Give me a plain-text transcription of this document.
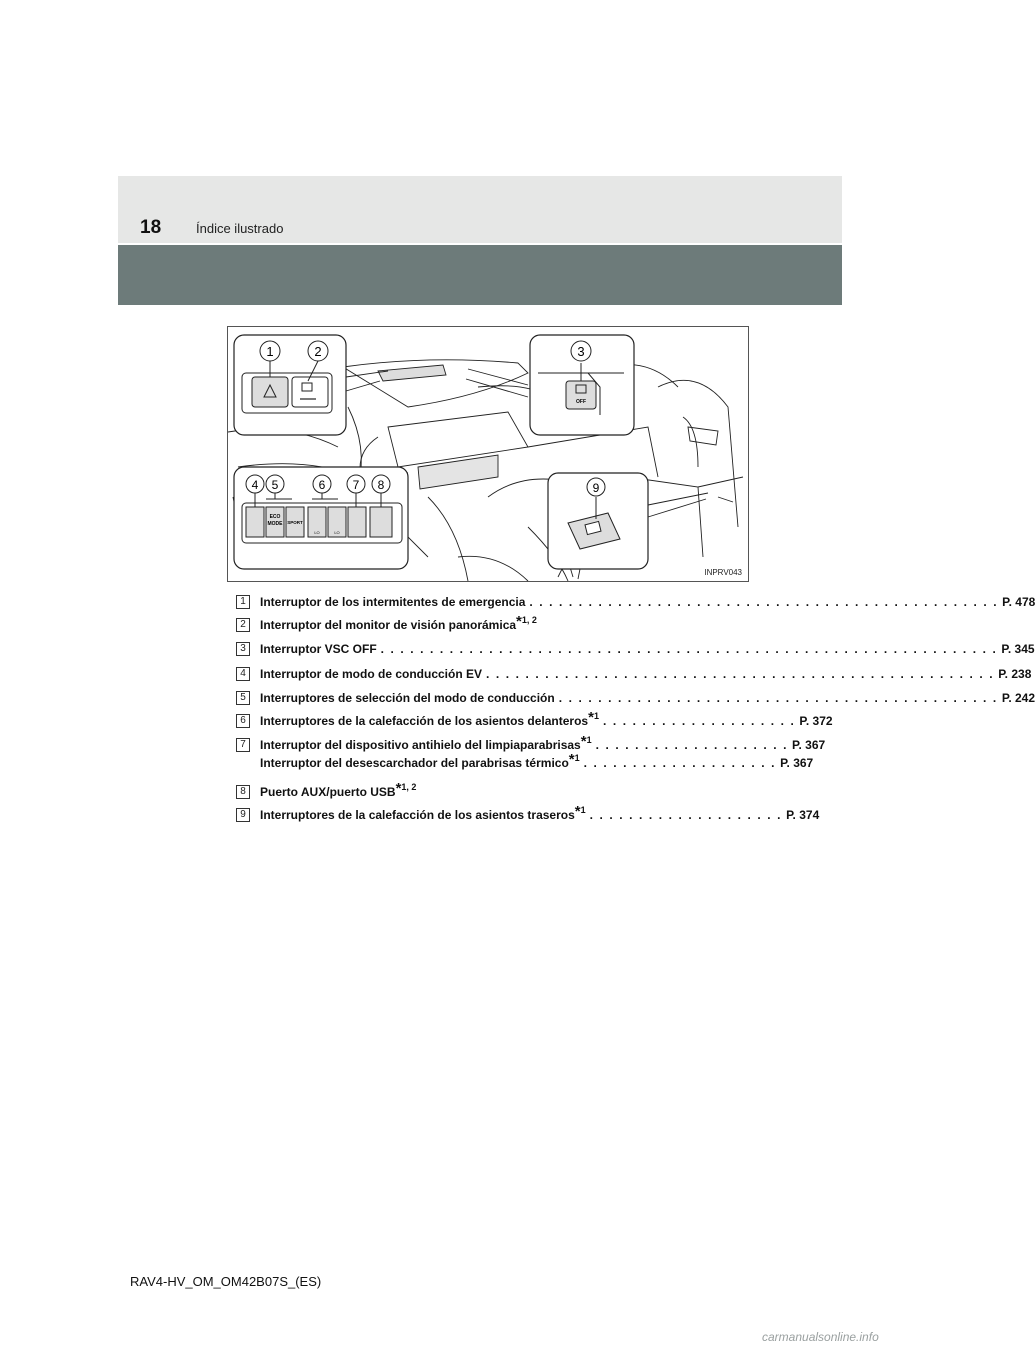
18	Índice ilustrado
1	2
OFF
3
ECO
MODE SPORT
LO	LO
4 5	6 7 8	9
INPRV043
1	Interruptor de los intermitentes de emergencia . . . . . . . . . . . . . . . . . . . . . . . . . . . . . . . . . . . . . . . . . . . . . . . . P. 478
2	Interruptor del monitor de visión panorámica$^{*1, 2}$
3	Interruptor VSC OFF . . . . . . . . . . . . . . . . . . . . . . . . . . . . . . . . . . . . . . . . . . . . . . . . . . . . . . . . . . . . . . . P. 345
4	Interruptor de modo de conducción EV . . . . . . . . . . . . . . . . . . . . . . . . . . . . . . . . . . . . . . . . . . . . . . . . . . . . P. 238
5	Interruptores de selección del modo de conducción . . . . . . . . . . . . . . . . . . . . . . . . . . . . . . . . . . . . . . . . . . . . . P. 242
6	Interruptores de la calefacción de los asientos delanteros$^{*1}$ . . . . . . . . . . . . . . . . . . . . P. 372
7	Interruptor del dispositivo antihielo del limpiaparabrisas$^{*1}$ . . . . . . . . . . . . . . . . . . . . P. 367
Interruptor del desescarchador del parabrisas térmico$^{*1}$ . . . . . . . . . . . . . . . . . . . . P. 367
8	Puerto AUX/puerto USB$^{*1, 2}$
9	Interruptores de la calefacción de los asientos traseros$^{*1}$ . . . . . . . . . . . . . . . . . . . . P. 374
RAV4-HV_OM_OM42B07S_(ES)
carmanualsonline.info
